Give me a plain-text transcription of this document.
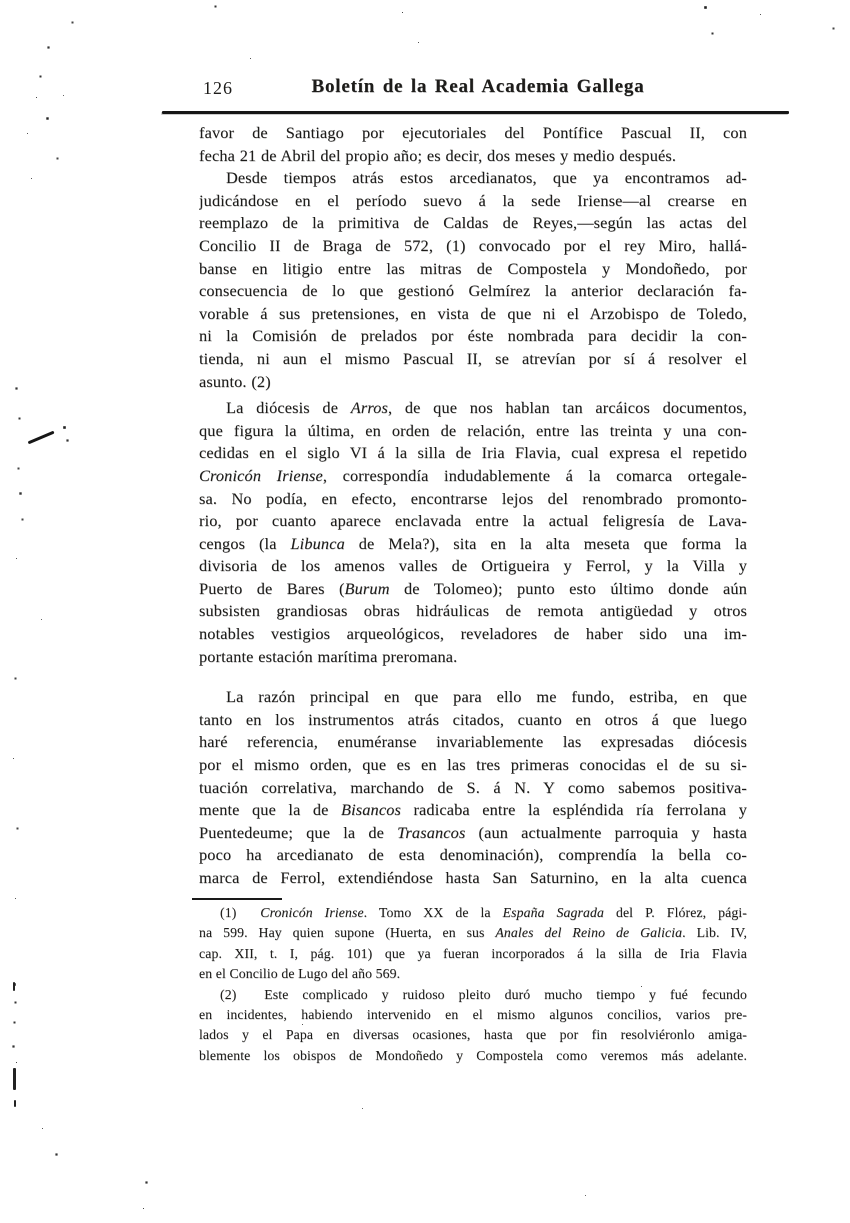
126	Boletín de la Real Academia Gallega
favor de Santiago por ejecutoriales del Pontífice Pascual II, con
fecha 21 de Abril del propio año; es decir, dos meses y medio después.
Desde tiempos atrás estos arcedianatos, que ya encontramos ad-
judicándose en el período suevo á la sede Iriense—al crearse en
reemplazo de la primitiva de Caldas de Reyes,—según las actas del
Concilio II de Braga de 572, (1) convocado por el rey Miro, hallá-
banse en litigio entre las mitras de Compostela y Mondoñedo, por
consecuencia de lo que gestionó Gelmírez la anterior declaración fa-
vorable á sus pretensiones, en vista de que ni el Arzobispo de Toledo,
ni la Comisión de prelados por éste nombrada para decidir la con-
tienda, ni aun el mismo Pascual II, se atrevían por sí á resolver el
asunto. (2)
La diócesis de Arros, de que nos hablan tan arcáicos documentos,
que figura la última, en orden de relación, entre las treinta y una con-
cedidas en el siglo VI á la silla de Iria Flavia, cual expresa el repetido
Cronicón Iriense, correspondía indudablemente á la comarca ortegale-
sa. No podía, en efecto, encontrarse lejos del renombrado promonto-
rio, por cuanto aparece enclavada entre la actual feligresía de Lava-
cengos (la Libunca de Mela?), sita en la alta meseta que forma la
divisoria de los amenos valles de Ortigueira y Ferrol, y la Villa y
Puerto de Bares (Burum de Tolomeo); punto esto último donde aún
subsisten grandiosas obras hidráulicas de remota antigüedad y otros
notables vestigios arqueológicos, reveladores de haber sido una im-
portante estación marítima preromana.
La razón principal en que para ello me fundo, estriba, en que
tanto en los instrumentos atrás citados, cuanto en otros á que luego
haré referencia, enuméranse invariablemente las expresadas diócesis
por el mismo orden, que es en las tres primeras conocidas el de su si-
tuación correlativa, marchando de S. á N. Y como sabemos positiva-
mente que la de Bisancos radicaba entre la espléndida ría ferrolana y
Puentedeume; que la de Trasancos (aun actualmente parroquia y hasta
poco ha arcedianato de esta denominación), comprendía la bella co-
marca de Ferrol, extendiéndose hasta San Saturnino, en la alta cuenca
(1)  Cronicón Iriense. Tomo XX de la España Sagrada del P. Flórez, pági-
na 599. Hay quien supone (Huerta, en sus Anales del Reino de Galicia. Lib. IV,
cap. XII, t. I, pág. 101) que ya fueran incorporados á la silla de Iria Flavia
en el Concilio de Lugo del año 569.
(2)  Este complicado y ruidoso pleito duró mucho tiempo y fué fecundo
en incidentes, habiendo intervenido en el mismo algunos concilios, varios pre-
lados y el Papa en diversas ocasiones, hasta que por fin resolviéronlo amiga-
blemente los obispos de Mondoñedo y Compostela como veremos más adelante.
